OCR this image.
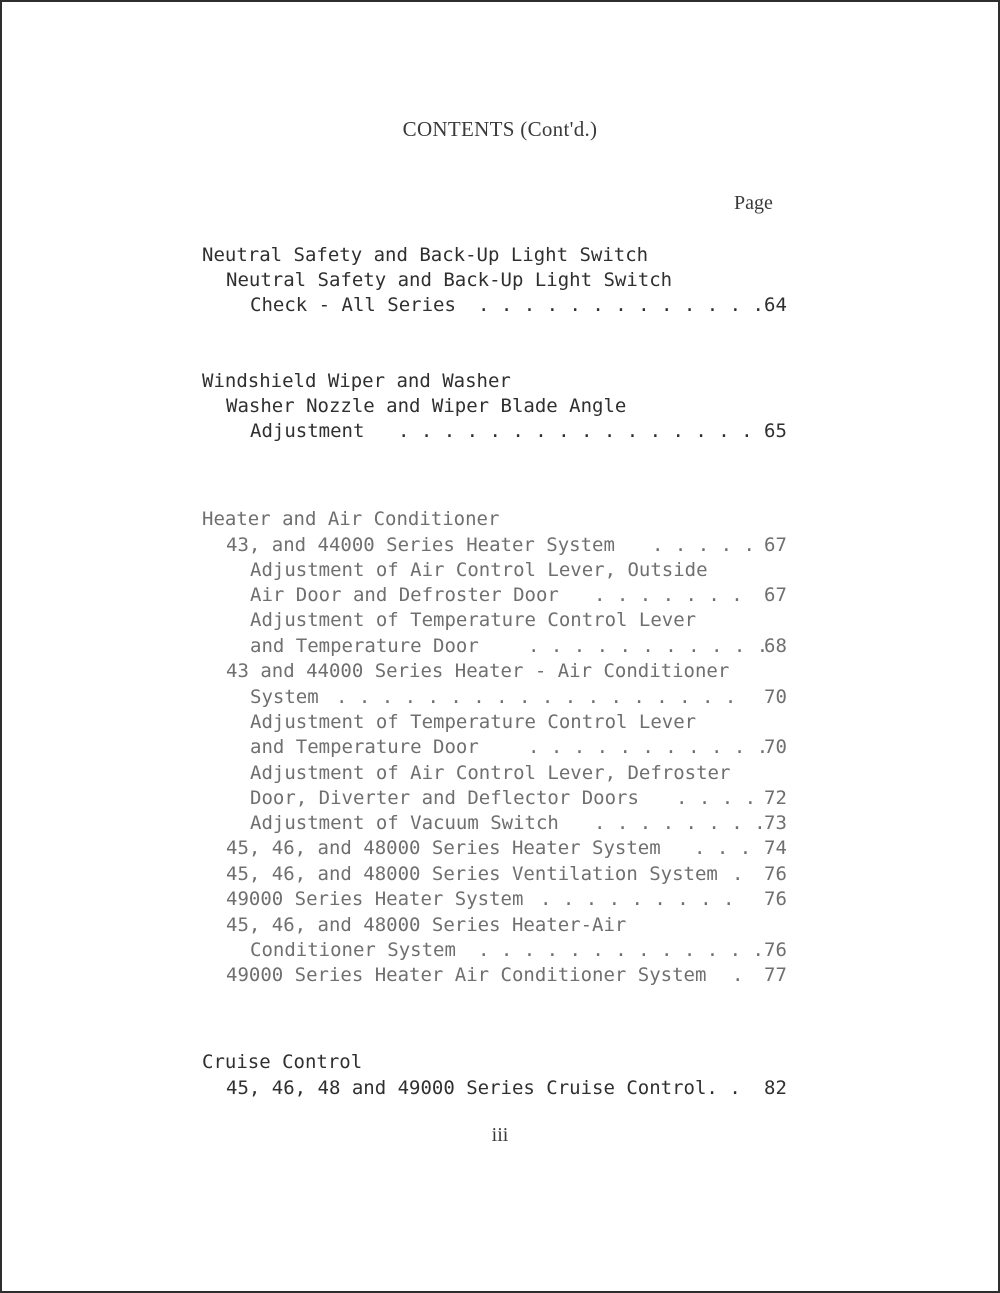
CONTENTS (Cont'd.)
Page
Neutral Safety and Back-Up Light Switch
Neutral Safety and Back-Up Light Switch
Check - All Series . . . . . . . . . . . . . 64
Windshield Wiper and Washer
Washer Nozzle and Wiper Blade Angle
Adjustment . . . . . . . . . . . . . . . . 65
Heater and Air Conditioner
43, and 44000 Series Heater System . . . . . 67
Adjustment of Air Control Lever, Outside
Air Door and Defroster Door . . . . . . . 67
Adjustment of Temperature Control Lever
and Temperature Door	. . . . . . . . . . .
68
43 and 44000 Series Heater - Air Conditioner
System . . . . . . . . . . . . . . . . . . 70
Adjustment of Temperature Control Lever
and Temperature Door	. . . . . . . . . . .
70
Adjustment of Air Control Lever, Defroster
Door, Diverter and Deflector Doors . . . . 72
Adjustment of Vacuum Switch . . . . . . . .
73
45, 46, and 48000 Series Heater System . . . 74
45, 46, and 48000 Series Ventilation System . 76
49000 Series Heater System . . . . . . . . . 76
45, 46, and 48000 Series Heater-Air
Conditioner System . . . . . . . . . . . . . 76
49000 Series Heater Air Conditioner System . 77
Cruise Control
45, 46, 48 and 49000 Series Cruise Control. . 82
iii
